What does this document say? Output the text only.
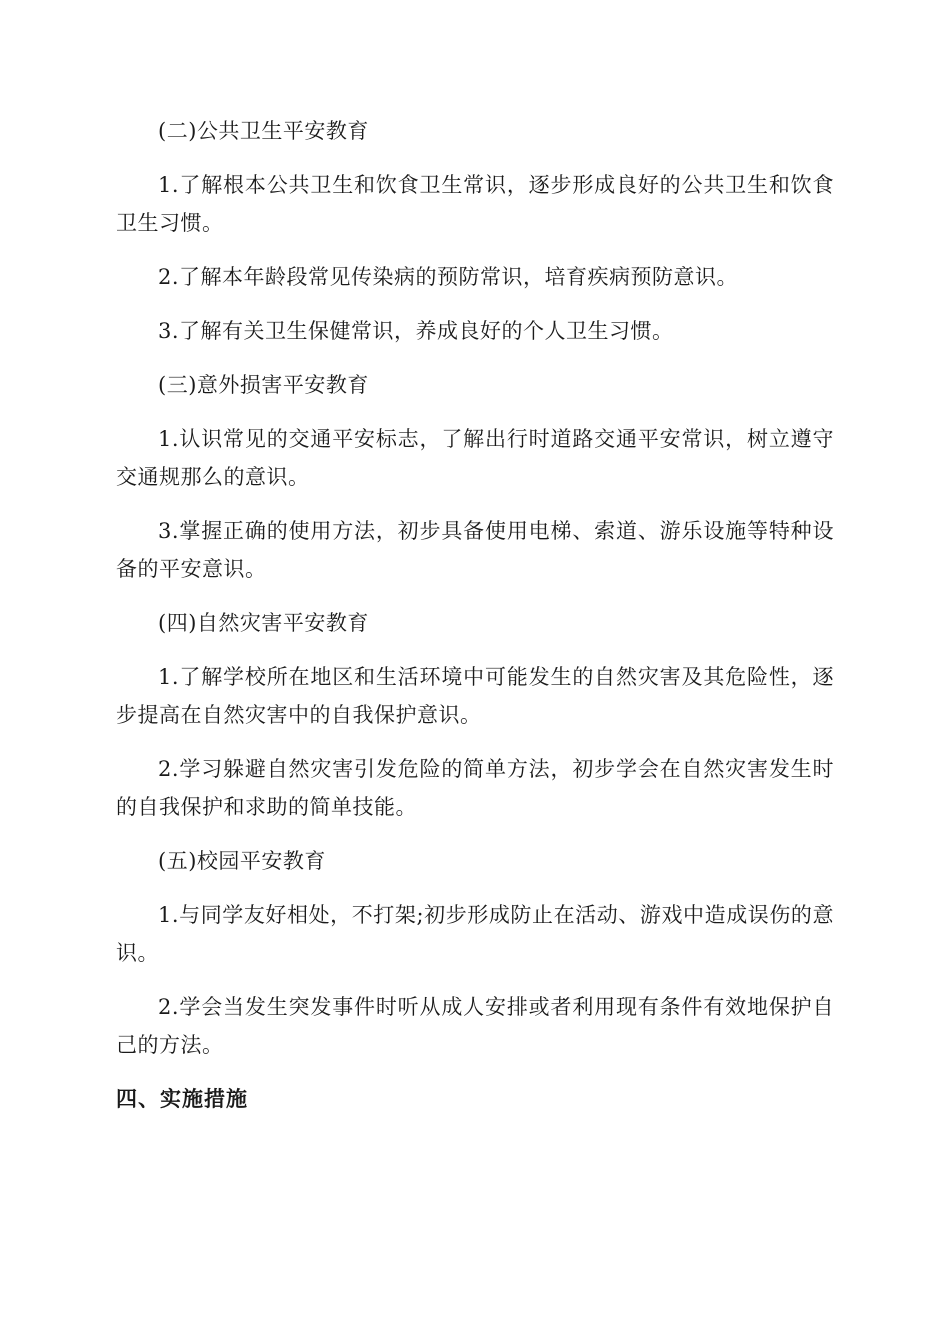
(二)公共卫生平安教育

1.了解根本公共卫生和饮食卫生常识，逐步形成良好的公共卫生和饮食卫生习惯。

2.了解本年龄段常见传染病的预防常识，培育疾病预防意识。

3.了解有关卫生保健常识，养成良好的个人卫生习惯。

(三)意外损害平安教育

1.认识常见的交通平安标志，了解出行时道路交通平安常识，树立遵守交通规那么的意识。

3.掌握正确的使用方法，初步具备使用电梯、索道、游乐设施等特种设备的平安意识。

(四)自然灾害平安教育

1.了解学校所在地区和生活环境中可能发生的自然灾害及其危险性，逐步提高在自然灾害中的自我保护意识。

2.学习躲避自然灾害引发危险的简单方法，初步学会在自然灾害发生时的自我保护和求助的简单技能。

(五)校园平安教育

1.与同学友好相处，不打架;初步形成防止在活动、游戏中造成误伤的意识。

2.学会当发生突发事件时听从成人安排或者利用现有条件有效地保护自己的方法。

四、实施措施
